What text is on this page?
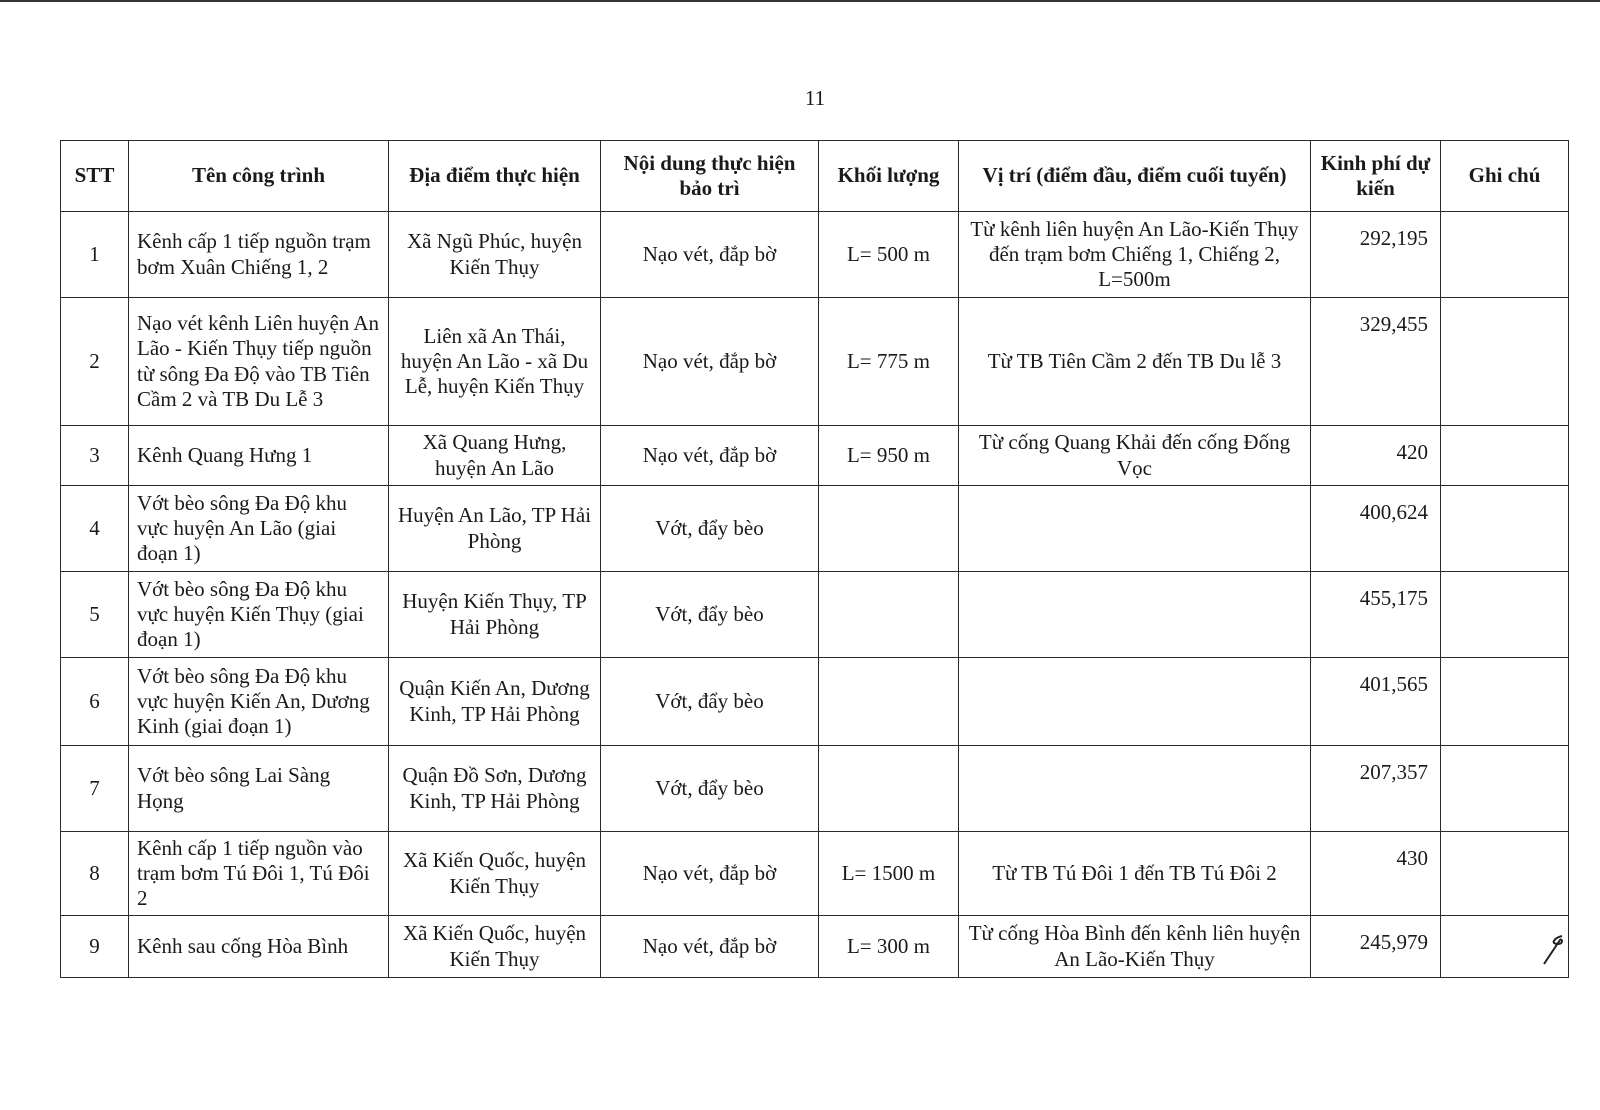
11
STT	Tên công trình	Địa điểm thực hiện	Nội dung thực hiện bảo trì	Khối lượng	Vị trí (điểm đầu, điểm cuối tuyến)	Kinh phí dự kiến	Ghi chú
1	Kênh cấp 1 tiếp nguồn trạm bơm Xuân Chiếng 1, 2	Xã Ngũ Phúc, huyện Kiến Thụy	Nạo vét, đắp bờ	L= 500 m	Từ kênh liên huyện An Lão-Kiến Thụy đến trạm bơm Chiếng 1, Chiếng 2, L=500m	292,195	
2	Nạo vét kênh Liên huyện An Lão - Kiến Thụy tiếp nguồn từ sông Đa Độ vào TB Tiên Cầm 2 và TB Du Lễ 3	Liên xã An Thái, huyện An Lão - xã Du Lễ, huyện Kiến Thụy	Nạo vét, đắp bờ	L= 775 m	Từ TB Tiên Cầm 2 đến TB Du lễ 3	329,455	
3	Kênh Quang Hưng 1	Xã Quang Hưng, huyện An Lão	Nạo vét, đắp bờ	L= 950 m	Từ cống Quang Khải đến cống Đống Vọc	420	
4	Vớt bèo sông Đa Độ khu vực huyện An Lão (giai đoạn 1)	Huyện An Lão, TP Hải Phòng	Vớt, đẩy bèo			400,624	
5	Vớt bèo sông Đa Độ khu vực huyện Kiến Thụy (giai đoạn 1)	Huyện Kiến Thụy, TP Hải Phòng	Vớt, đẩy bèo			455,175	
6	Vớt bèo sông Đa Độ khu vực huyện Kiến An, Dương Kinh (giai đoạn 1)	Quận Kiến An, Dương Kinh, TP Hải Phòng	Vớt, đẩy bèo			401,565	
7	Vớt bèo sông Lai Sàng Họng	Quận Đồ Sơn, Dương Kinh, TP Hải Phòng	Vớt, đẩy bèo			207,357	
8	Kênh cấp 1 tiếp nguồn vào trạm bơm Tú Đôi 1, Tú Đôi 2	Xã Kiến Quốc, huyện Kiến Thụy	Nạo vét, đắp bờ	L= 1500 m	Từ TB Tú Đôi 1 đến TB Tú Đôi 2	430	
9	Kênh sau cống Hòa Bình	Xã Kiến Quốc, huyện Kiến Thụy	Nạo vét, đắp bờ	L= 300 m	Từ cống Hòa Bình đến kênh liên huyện An Lão-Kiến Thụy	245,979	
